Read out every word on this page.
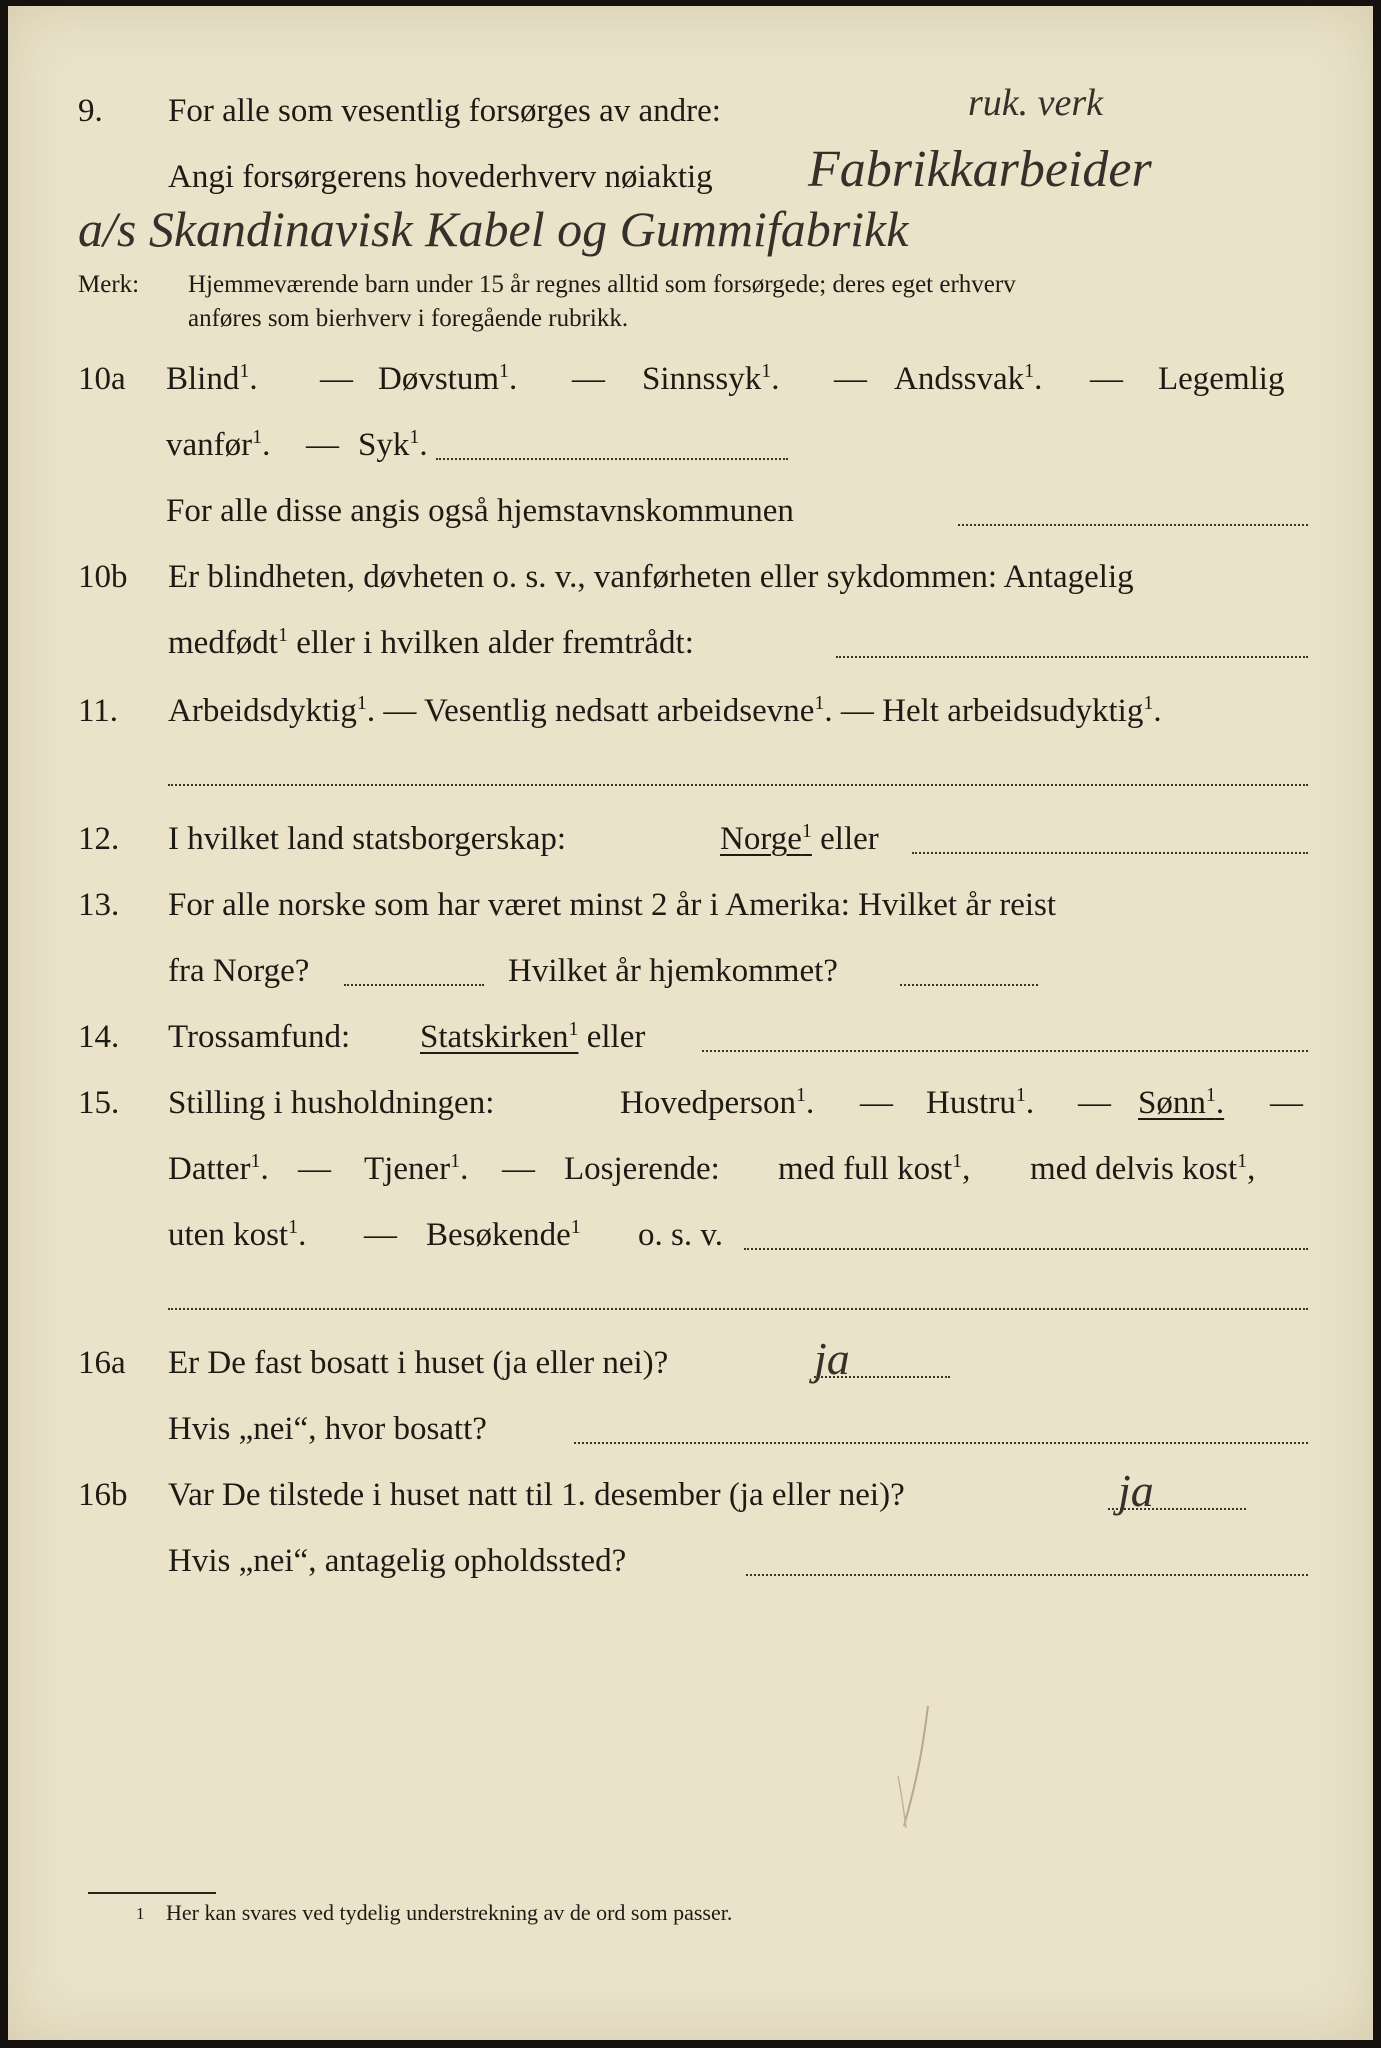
9. For alle som vesentlig forsørges av andre:	ruk. verk
Angi forsørgerens hovederhverv nøiaktig Fabrikkarbeider
a/s Skandinavisk Kabel og Gummifabrikk
Merk: Hjemmeværende barn under 15 år regnes alltid som forsørgede; deres eget erhverv
anføres som bierhverv i foregående rubrikk.
10a Blind$^1$. — Døvstum$^1$. — Sinnssyk$^1$. — Andssvak$^1$. — Legemlig
vanfør$^1$. — Syk$^1$.
For alle disse angis også hjemstavnskommunen
10b Er blindheten, døvheten o. s. v., vanførheten eller sykdommen: Antagelig
medfødt$^1$ eller i hvilken alder fremtrådt:
11. Arbeidsdyktig$^1$. — Vesentlig nedsatt arbeidsevne$^1$. — Helt arbeidsudyktig$^1$.
12. I hvilket land statsborgerskap:	Norge$^1$ eller
13. For alle norske som har været minst 2 år i Amerika: Hvilket år reist
fra Norge?	Hvilket år hjemkommet?
14. Trossamfund: Statskirken$^1$ eller
15. Stilling i husholdningen:	Hovedperson$^1$. — Hustru$^1$. — Sønn$^1$. —
Datter$^1$. — Tjener$^1$. — Losjerende: med full kost$^1$, med delvis kost$^1$,
uten kost$^1$. — Besøkende$^1$ o. s. v.
16a Er De fast bosatt i huset (ja eller nei)?	ja
Hvis „nei“, hvor bosatt?
16b Var De tilstede i huset natt til 1. desember (ja eller nei)?	ja
Hvis „nei“, antagelig opholdssted?
1 Her kan svares ved tydelig understrekning av de ord som passer.
